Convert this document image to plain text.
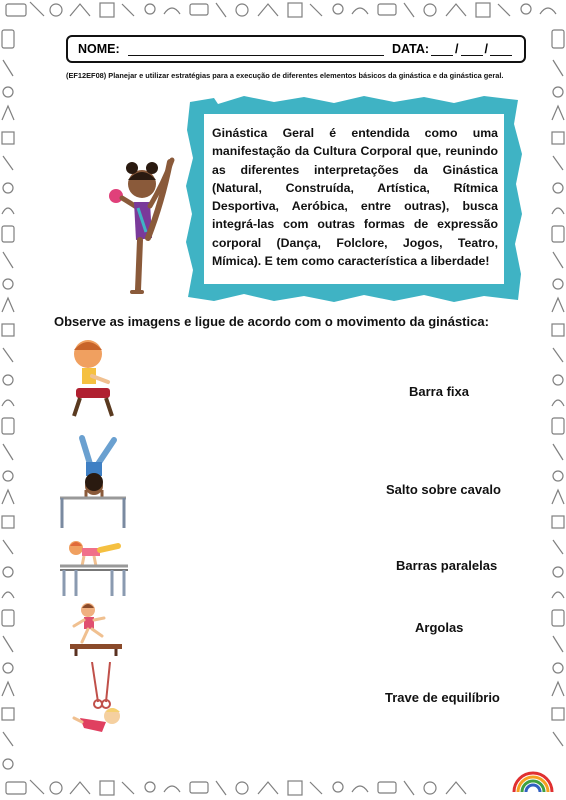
NOME:	DATA: / /
(EF12EF08) Planejar e utilizar estratégias para a execução de diferentes elementos básicos da ginástica e da ginástica geral.
Ginástica Geral é entendida como uma manifestação da Cultura Corporal que, reunindo as diferentes interpretações da Ginástica (Natural, Construída, Artística, Rítmica Desportiva, Aeróbica, entre outras), busca integrá-las com outras formas de expressão corporal (Dança, Folclore, Jogos, Teatro, Mímica). E tem como característica a liberdade!
Observe as imagens e ligue de acordo com o movimento da ginástica:
Barra fixa
Salto sobre cavalo
Barras paralelas
Argolas
Trave de equilíbrio
